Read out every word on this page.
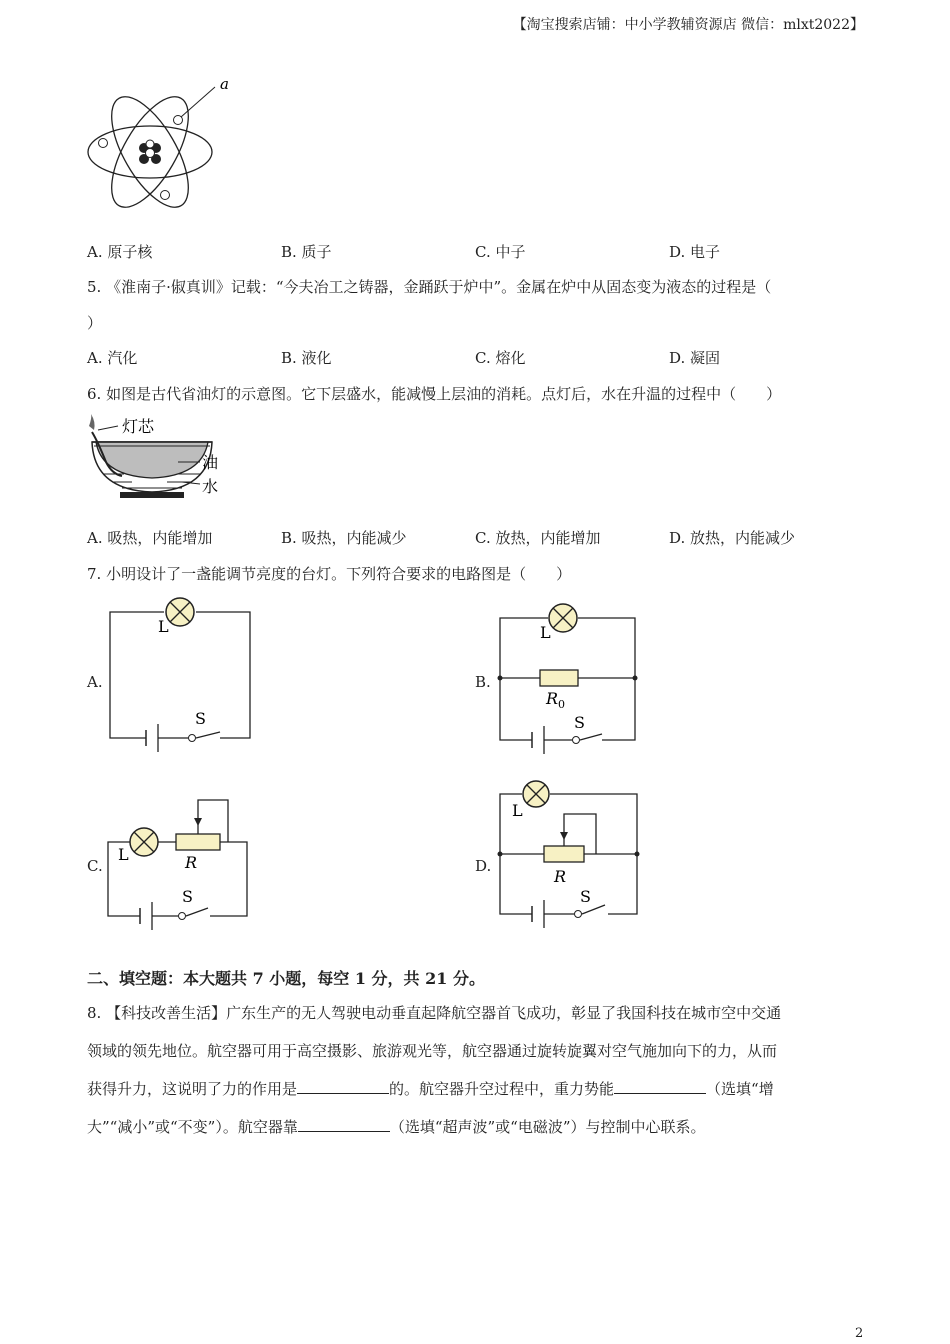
【淘宝搜索店铺：中小学教辅资源店 微信：mlxt2022】
a
A. 原子核	B. 质子	C. 中子	D. 电子
5. 《淮南子·俶真训》记载：“今夫冶工之铸器，金踊跃于炉中”。金属在炉中从固态变为液态的过程是（
）
A. 汽化	B. 液化	C. 熔化	D. 凝固
6. 如图是古代省油灯的示意图。它下层盛水，能减慢上层油的消耗。点灯后，水在升温的过程中（　　）
灯芯
油
水
A. 吸热，内能增加	B. 吸热，内能减少	C. 放热，内能增加	D. 放热，内能减少
7. 小明设计了一盏能调节亮度的台灯。下列符合要求的电路图是（　　）
A.
L
S
B.
L
R 0
S
C.
L	R
S
D.
L
R
S
二、填空题：本大题共 7 小题，每空 1 分，共 21 分。
8. 【科技改善生活】广东生产的无人驾驶电动垂直起降航空器首飞成功，彰显了我国科技在城市空中交通
领域的领先地位。航空器可用于高空摄影、旅游观光等，航空器通过旋转旋翼对空气施加向下的力，从而
获得升力，这说明了力的作用是	的。航空器升空过程中，重力势能	（选填“增
大”“减小”或“不变”）。航空器靠	（选填“超声波”或“电磁波”）与控制中心联系。
2
